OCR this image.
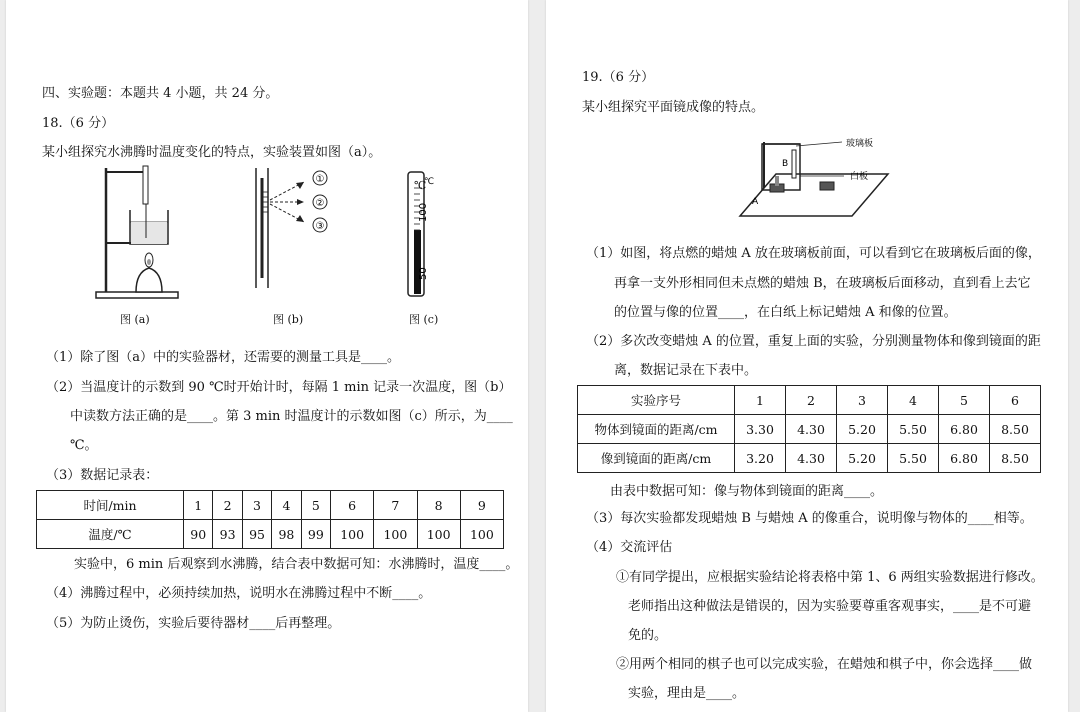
四、实验题：本题共 4 小题，共 24 分。
18.（6 分）
某小组探究水沸腾时温度变化的特点，实验装置如图（a）。
图 (a)
①
②
③
图 (b)
℃
100
50
℃
图 (c)
（1）除了图（a）中的实验器材，还需要的测量工具是____。
（2）当温度计的示数到 90 ℃时开始计时，每隔 1 min 记录一次温度，图（b）
中读数方法正确的是____。第 3 min 时温度计的示数如图（c）所示，为____
℃。
（3）数据记录表：
时间/min	1	2	3	4	5	6	7	8	9
温度/℃	90	93	95	98	99	100	100	100	100
实验中，6 min 后观察到水沸腾，结合表中数据可知：水沸腾时，温度____。
（4）沸腾过程中，必须持续加热，说明水在沸腾过程中不断____。
（5）为防止烫伤，实验后要待器材____后再整理。
19.（6 分）
某小组探究平面镜成像的特点。
A
B
玻璃板
白板
（1）如图，将点燃的蜡烛 A 放在玻璃板前面，可以看到它在玻璃板后面的像，
再拿一支外形相同但未点燃的蜡烛 B，在玻璃板后面移动，直到看上去它
的位置与像的位置____，在白纸上标记蜡烛 A 和像的位置。
（2）多次改变蜡烛 A 的位置，重复上面的实验，分别测量物体和像到镜面的距
离，数据记录在下表中。
实验序号	1	2	3	4	5	6
物体到镜面的距离/cm	3.30	4.30	5.20	5.50	6.80	8.50
像到镜面的距离/cm	3.20	4.30	5.20	5.50	6.80	8.50
由表中数据可知：像与物体到镜面的距离____。
（3）每次实验都发现蜡烛 B 与蜡烛 A 的像重合，说明像与物体的____相等。
（4）交流评估
①有同学提出，应根据实验结论将表格中第 1、6 两组实验数据进行修改。
老师指出这种做法是错误的，因为实验要尊重客观事实，____是不可避
免的。
②用两个相同的棋子也可以完成实验，在蜡烛和棋子中，你会选择____做
实验，理由是____。
